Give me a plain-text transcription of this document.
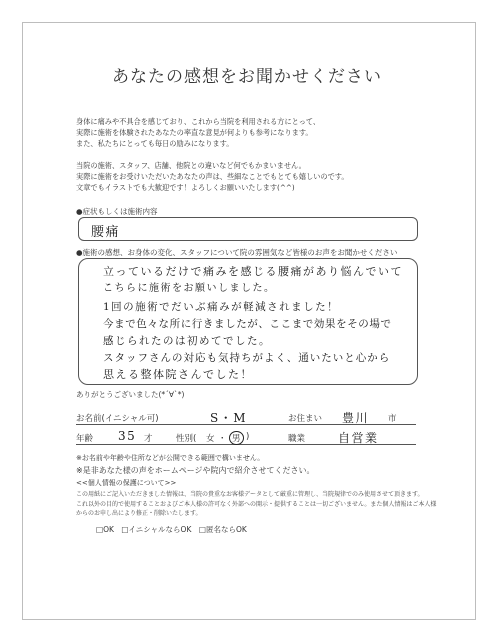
あなたの感想をお聞かせください
身体に痛みや不具合を感じており、これから当院を利用される方にとって、
実際に施術を体験されたあなたの率直な意見が何よりも参考になります。
また、私たちにとっても毎日の励みになります。
当院の施術、スタッフ、店舗、他院との違いなど何でもかまいません。
実際に施術をお受けいただいたあなたの声は、些細なことでもとても嬉しいのです。
文章でもイラストでも大歓迎です！よろしくお願いいたします(^^)
●症状もしくは施術内容
腰痛
●施術の感想、お身体の変化、スタッフについて院の雰囲気など皆様のお声をお聞かせください
立っているだけで痛みを感じる腰痛があり悩んでいて
こちらに施術をお願いしました。
1回の施術でだいぶ痛みが軽減されました！
今まで色々な所に行きましたが、ここまで効果をその場で
感じられたのは初めてでした。
スタッフさんの対応も気持ちがよく、通いたいと心から
思える整体院さんでした！
ありがとうございました(*´∀`*)
お名前(イニシャル可)	S・M	お住まい 豊川 市
年齢 35 才	性別( 女 ・ 男 )	職業	自営業
※お名前や年齢や住所などが公開できる範囲で構いません。
※是非あなた様の声をホームページや院内で紹介させてください。
<<個人情報の保護について>>
この用紙にご記入いただきました情報は、当院の貴重なお客様データとして厳重に管理し、当院規律でのみ使用させて頂きます。
これ以外の目的で使用することおよびご本人様の許可なく外部への開示・提供することは一切ございません。また個人情報はご本人様
からのお申し出により修正・削除いたします。
□OK　□イニシャルならOK　□匿名ならOK
